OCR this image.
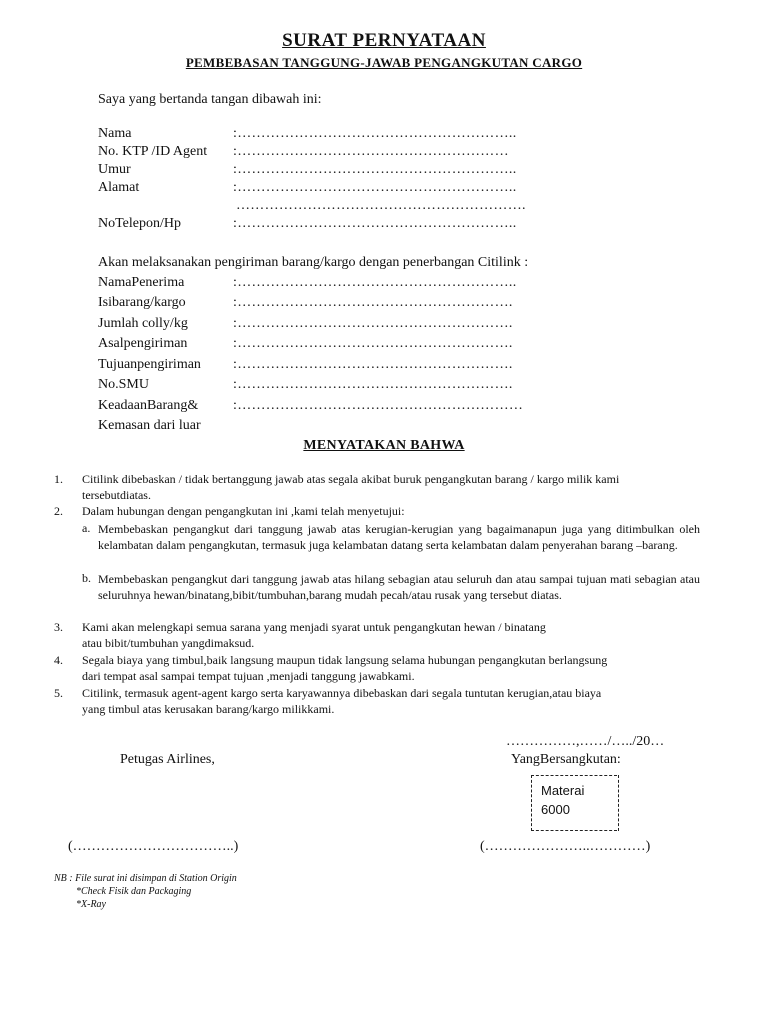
SURAT PERNYATAAN
PEMBEBASAN TANGGUNG-JAWAB PENGANGKUTAN CARGO
Saya yang bertanda tangan dibawah ini:
Nama	:…………………………………………………..
No. KTP /ID Agent :…………………………………………………
Umur	:…………………………………………………..
Alamat	:…………………………………………………..
…………………………………………………….
NoTelepon/Hp	:…………………………………………………..
Akan melaksanakan pengiriman barang/kargo dengan penerbangan Citilink :
NamaPenerima	:…………………………………………………..
Isibarang/kargo	:………………………………………………….
Jumlah colly/kg	:………………………………………………….
Asalpengiriman	:………………………………………………….
Tujuanpengiriman :………………………………………………….
No.SMU	:………………………………………………….
KeadaanBarang& :……………………………………………………
Kemasan dari luar
MENYATAKAN BAHWA
1. Citilink dibebaskan / tidak bertanggung jawab atas segala akibat buruk pengangkutan barang / kargo milik kami
tersebutdiatas.
2. Dalam hubungan dengan pengangkutan ini ,kami telah menyetujui:
a. Membebaskan pengangkut dari tanggung jawab atas kerugian-kerugian yang bagaimanapun juga yang ditimbulkan oleh kelambatan dalam pengangkutan, termasuk juga kelambatan datang serta kelambatan dalam penyerahan barang –barang.
b. Membebaskan pengangkut dari tanggung jawab atas hilang sebagian atau seluruh dan atau sampai tujuan mati sebagian atau seluruhnya hewan/binatang,bibit/tumbuhan,barang mudah pecah/atau rusak yang tersebut diatas.
3. Kami akan melengkapi semua sarana yang menjadi syarat untuk pengangkutan hewan / binatang
atau bibit/tumbuhan yangdimaksud.
4. Segala biaya yang timbul,baik langsung maupun tidak langsung selama hubungan pengangkutan berlangsung
dari tempat asal sampai tempat tujuan ,menjadi tanggung jawabkami.
5. Citilink, termasuk agent-agent kargo serta karyawannya dibebaskan dari segala tuntutan kerugian,atau biaya
yang timbul atas kerusakan barang/kargo milikkami.
……………,……/…../20…
Petugas Airlines,	YangBersangkutan:
Materai
6000
(……………………………..)	(…………………..…………)
NB : File surat ini disimpan di Station Origin
*Check Fisik dan Packaging
*X-Ray
